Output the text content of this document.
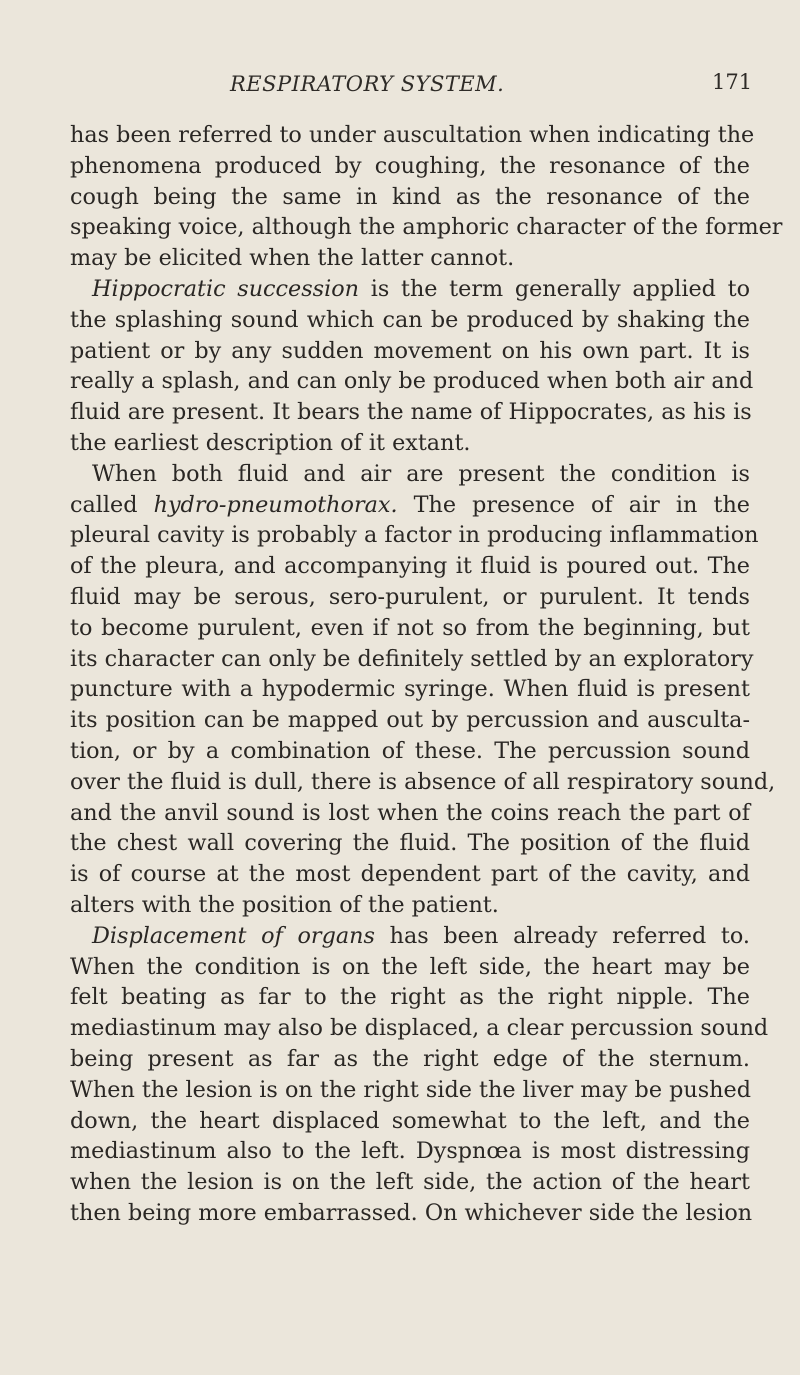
RESPIRATORY SYSTEM.	171
has been referred to under auscultation when indicating the
phenomena produced by coughing, the resonance of the
cough being the same in kind as the resonance of the
speaking voice, although the amphoric character of the former
may be elicited when the latter cannot.
Hippocratic succession is the term generally applied to
the splashing sound which can be produced by shaking the
patient or by any sudden movement on his own part. It is
really a splash, and can only be produced when both air and
fluid are present. It bears the name of Hippocrates, as his is
the earliest description of it extant.
When both fluid and air are present the condition is
called hydro-pneumothorax. The presence of air in the
pleural cavity is probably a factor in producing inflammation
of the pleura, and accompanying it fluid is poured out. The
fluid may be serous, sero-purulent, or purulent. It tends
to become purulent, even if not so from the beginning, but
its character can only be definitely settled by an exploratory
puncture with a hypodermic syringe. When fluid is present
its position can be mapped out by percussion and ausculta-
tion, or by a combination of these. The percussion sound
over the fluid is dull, there is absence of all respiratory sound,
and the anvil sound is lost when the coins reach the part of
the chest wall covering the fluid. The position of the fluid
is of course at the most dependent part of the cavity, and
alters with the position of the patient.
Displacement of organs has been already referred to.
When the condition is on the left side, the heart may be
felt beating as far to the right as the right nipple. The
mediastinum may also be displaced, a clear percussion sound
being present as far as the right edge of the sternum.
When the lesion is on the right side the liver may be pushed
down, the heart displaced somewhat to the left, and the
mediastinum also to the left. Dyspnœa is most distressing
when the lesion is on the left side, the action of the heart
then being more embarrassed. On whichever side the lesion
